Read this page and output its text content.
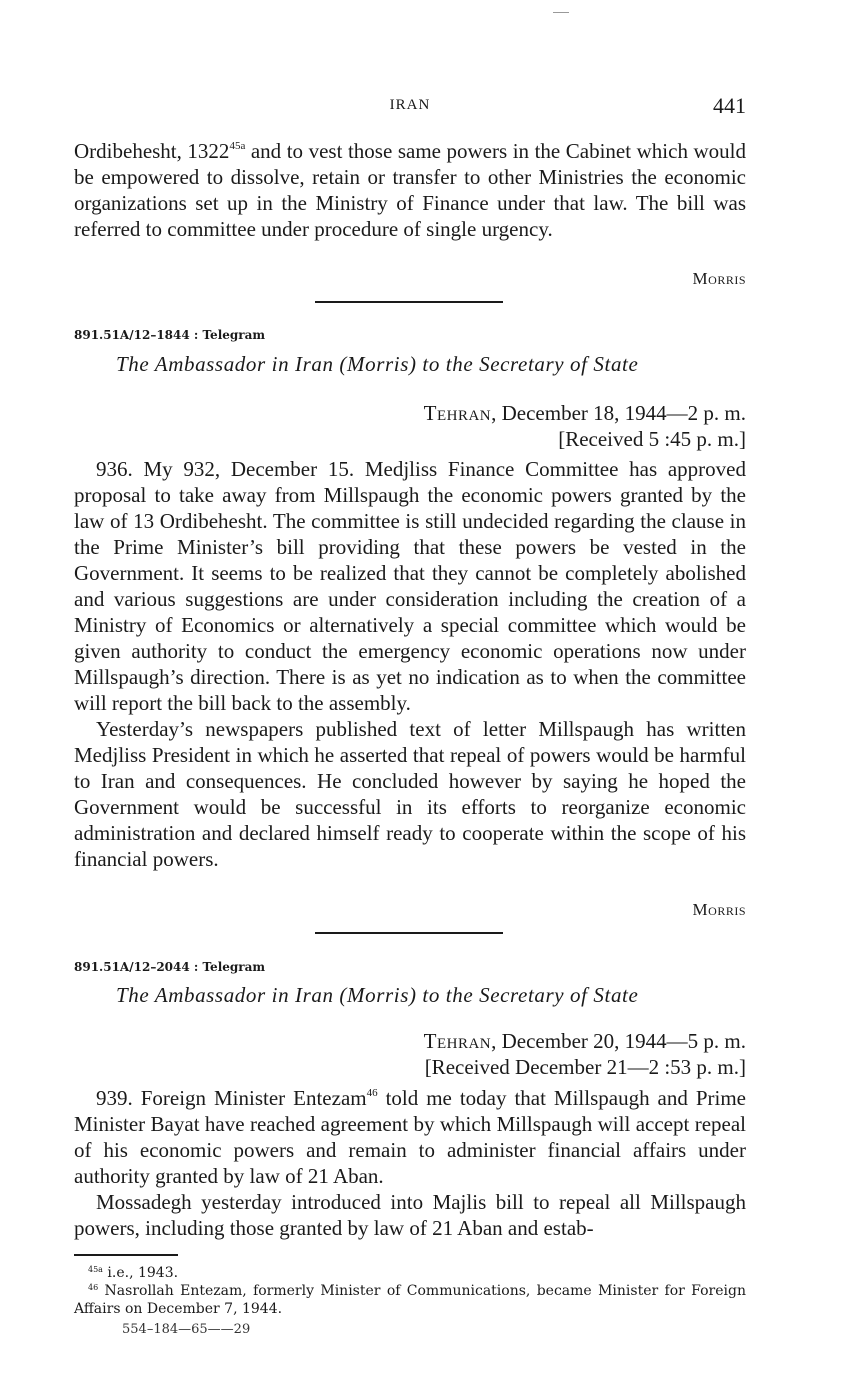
IRAN	441

Ordibehesht, $1322^{45a}$ and to vest those same powers in the Cabinet which would be empowered to dissolve, retain or transfer to other Ministries the economic organizations set up in the Ministry of Finance under that law. The bill was referred to committee under procedure of single urgency.

Morris
891.51A/12–1844 : Telegram
The Ambassador in Iran (Morris) to the Secretary of State
Tehran, December 18, 1944—2 p. m.
[Received 5 :45 p. m.]

936. My 932, December 15. Medjliss Finance Committee has approved proposal to take away from Millspaugh the economic powers granted by the law of 13 Ordibehesht. The committee is still undecided regarding the clause in the Prime Minister’s bill providing that these powers be vested in the Government. It seems to be realized that they cannot be completely abolished and various suggestions are under consideration including the creation of a Ministry of Economics or alternatively a special committee which would be given authority to conduct the emergency economic operations now under Millspaugh’s direction. There is as yet no indication as to when the committee will report the bill back to the assembly.

Yesterday’s newspapers published text of letter Millspaugh has written Medjliss President in which he asserted that repeal of powers would be harmful to Iran and consequences. He concluded however by saying he hoped the Government would be successful in its efforts to reorganize economic administration and declared himself ready to cooperate within the scope of his financial powers.

Morris
891.51A/12–2044 : Telegram
The Ambassador in Iran (Morris) to the Secretary of State
Tehran, December 20, 1944—5 p. m.
[Received December 21—2 :53 p. m.]

939. Foreign Minister Entezam$^{46}$ told me today that Millspaugh and Prime Minister Bayat have reached agreement by which Millspaugh will accept repeal of his economic powers and remain to administer financial affairs under authority granted by law of 21 Aban.

Mossadegh yesterday introduced into Majlis bill to repeal all Millspaugh powers, including those granted by law of 21 Aban and estab-

$^{45a}$ i.e., 1943.

$^{46}$ Nasrollah Entezam, formerly Minister of Communications, became Minister for Foreign Affairs on December 7, 1944.

554–184—65——29
